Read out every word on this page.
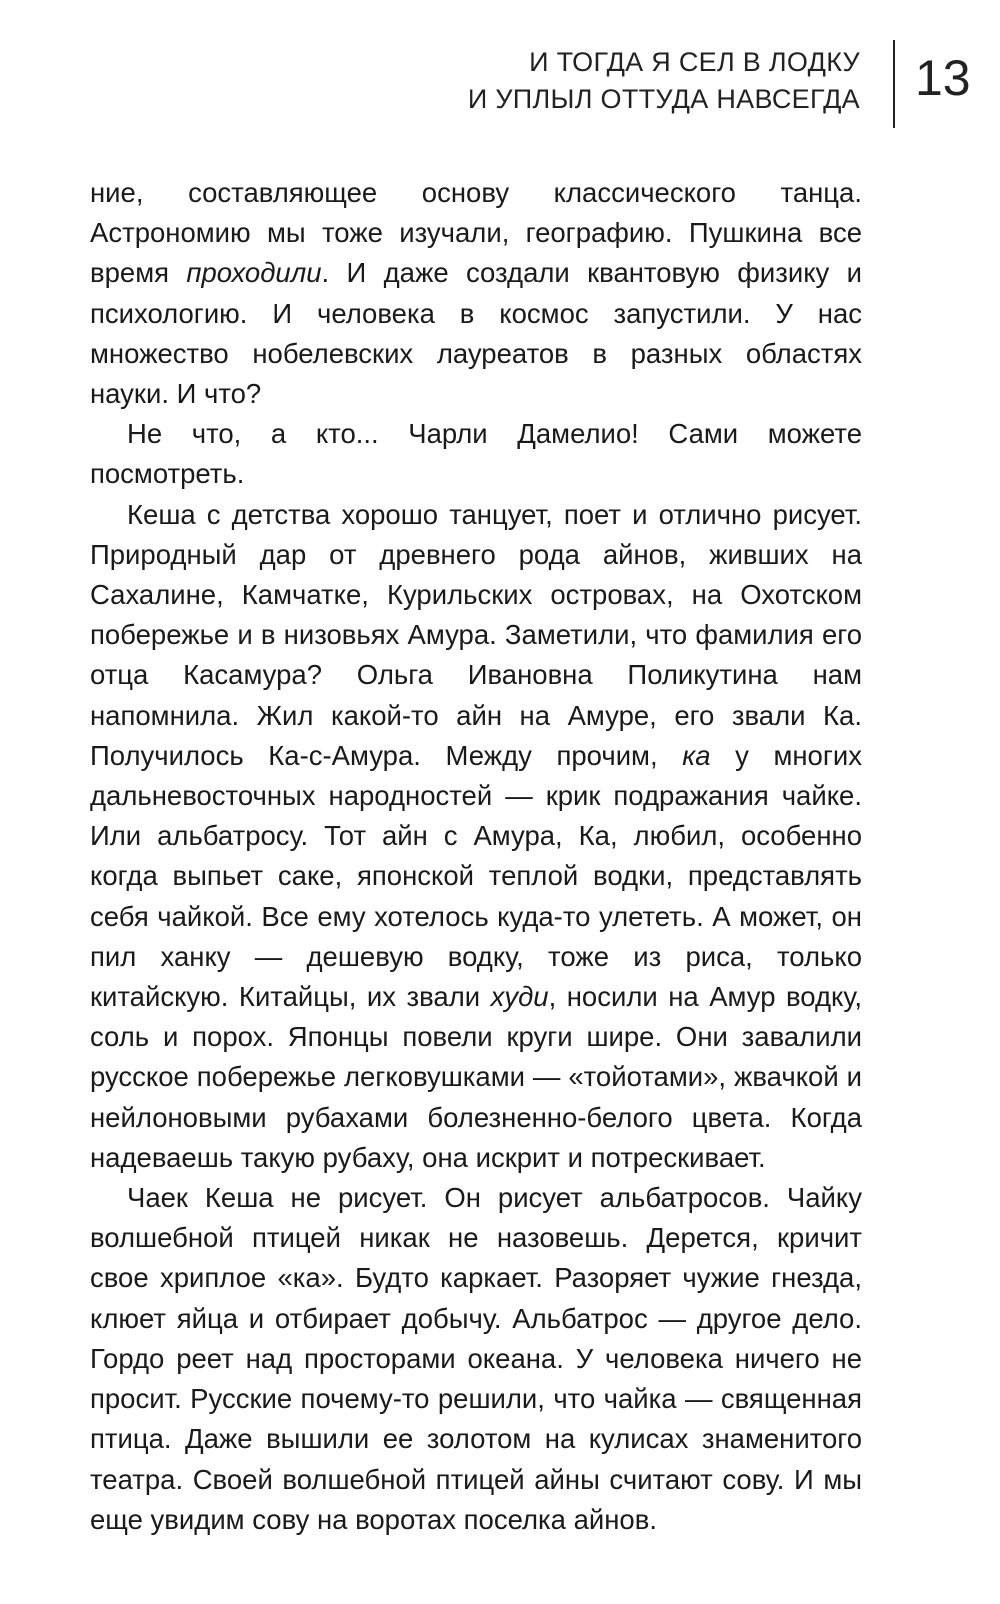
И ТОГДА Я СЕЛ В ЛОДКУ
И УПЛЫЛ ОТТУДА НАВСЕГДА 13

ние, составляющее основу классического танца. Астрономию мы тоже изучали, географию. Пушкина все время проходили. И даже создали квантовую физику и психологию. И человека в космос запустили. У нас множество нобелевских лауреатов в разных областях науки. И что?

Не что, а кто... Чарли Дамелио! Сами можете посмотреть.

Кеша с детства хорошо танцует, поет и отлично рисует. Природный дар от древнего рода айнов, живших на Сахалине, Камчатке, Курильских островах, на Охотском побережье и в низовьях Амура. Заметили, что фамилия его отца Касамура? Ольга Ивановна Поликутина нам напомнила. Жил какой-то айн на Амуре, его звали Ка. Получилось Ка-с-Амура. Между прочим, ка у многих дальневосточных народностей — крик подражания чайке. Или альбатросу. Тот айн с Амура, Ка, любил, особенно когда выпьет саке, японской теплой водки, представлять себя чайкой. Все ему хотелось куда-то улететь. А может, он пил ханку — дешевую водку, тоже из риса, только китайскую. Китайцы, их звали худи, носили на Амур водку, соль и порох. Японцы повели круги шире. Они завалили русское побережье легковушками — «тойотами», жвачкой и нейлоновыми рубахами болезненно-белого цвета. Когда надеваешь такую рубаху, она искрит и потрескивает.

Чаек Кеша не рисует. Он рисует альбатросов. Чайку волшебной птицей никак не назовешь. Дерется, кричит свое хриплое «ка». Будто каркает. Разоряет чужие гнезда, клюет яйца и отбирает добычу. Альбатрос — другое дело. Гордо реет над просторами океана. У человека ничего не просит. Русские почему-то решили, что чайка — священная птица. Даже вышили ее золотом на кулисах знаменитого театра. Своей волшебной птицей айны считают сову. И мы еще увидим сову на воротах поселка айнов.
